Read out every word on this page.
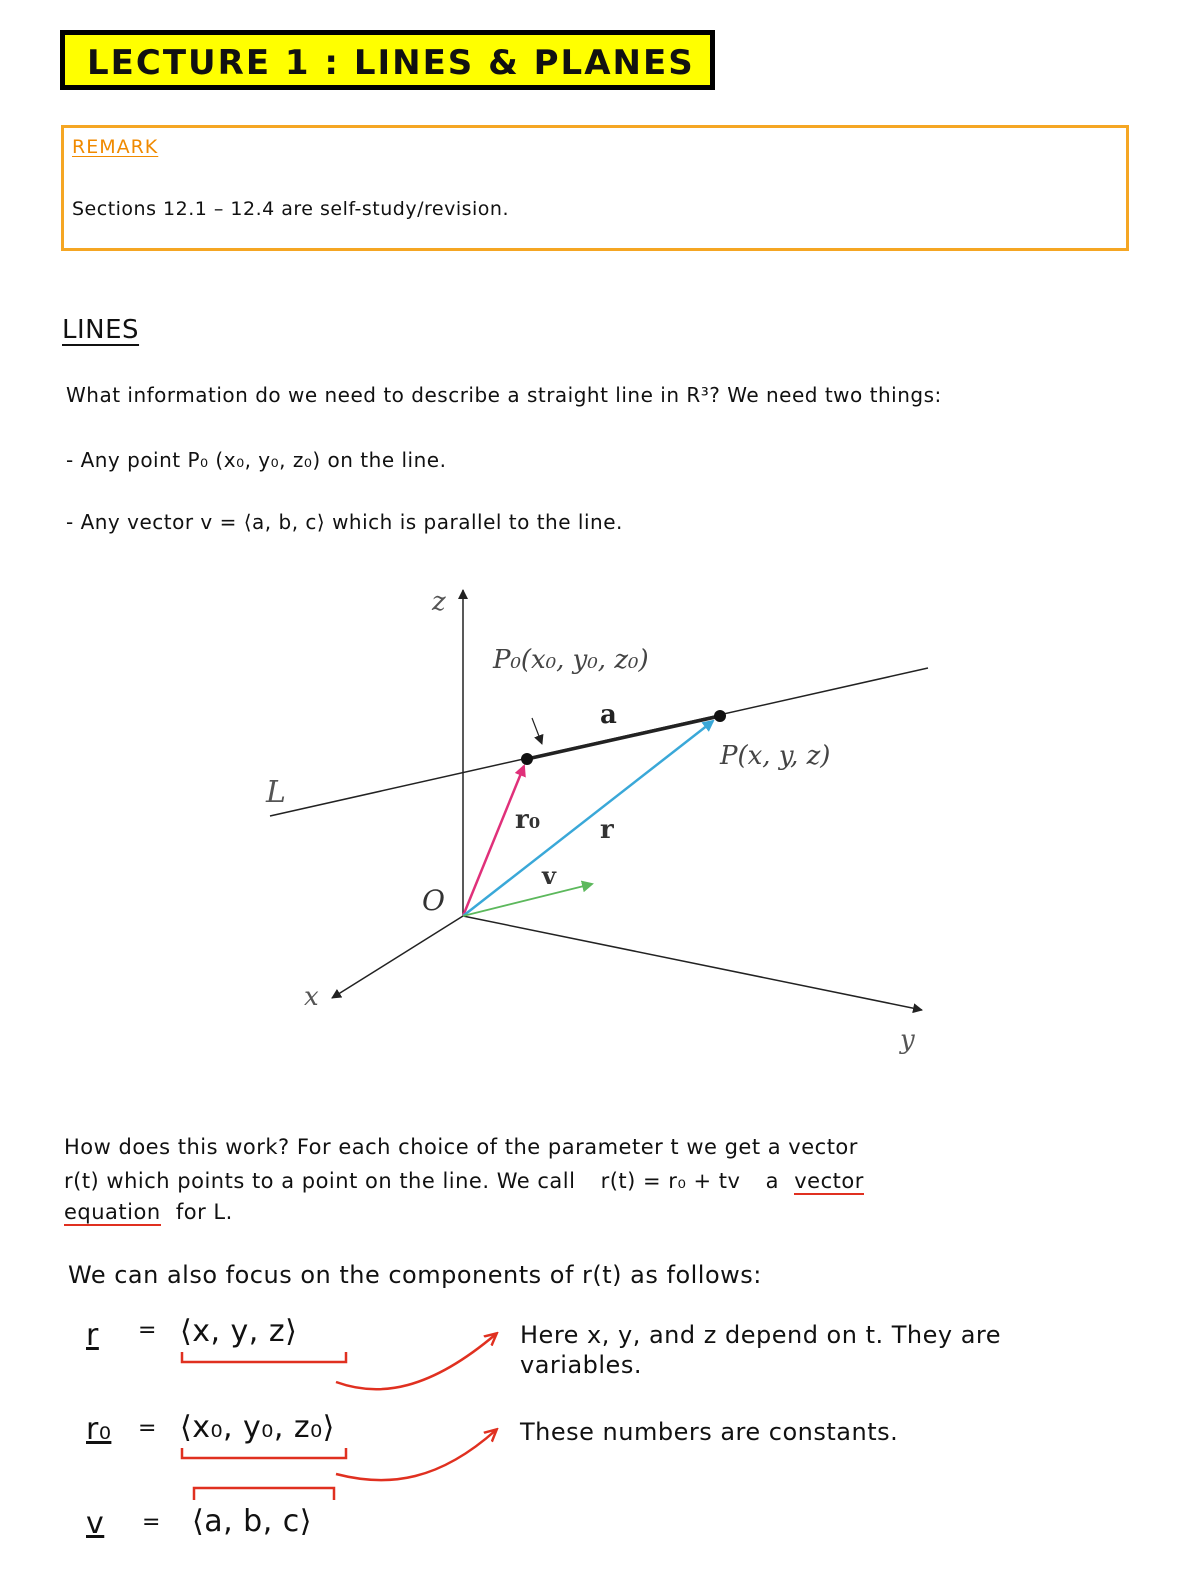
LECTURE 1 : LINES & PLANES
REMARK
Sections 12.1 – 12.4 are self-study/revision.
LINES
What information do we need to describe a straight line in R³? We need two things:
- Any point P₀ (x₀, y₀, z₀) on the line.
- Any vector v = ⟨a, b, c⟩ which is parallel to the line.
z
x
y
O
L
P₀(x₀, y₀, z₀)
P(x, y, z)
a
r₀ r
v
How does this work? For each choice of the parameter t we get a vector
r(t) which points to a point on the line. We call r(t) = r₀ + tv a vector
equation for L.
We can also focus on the components of r(t) as follows:
r = ⟨x, y, z⟩	Here x, y, and z depend on t. They are variables.
r₀ = ⟨x₀, y₀, z₀⟩	These numbers are constants.
v = ⟨a, b, c⟩
